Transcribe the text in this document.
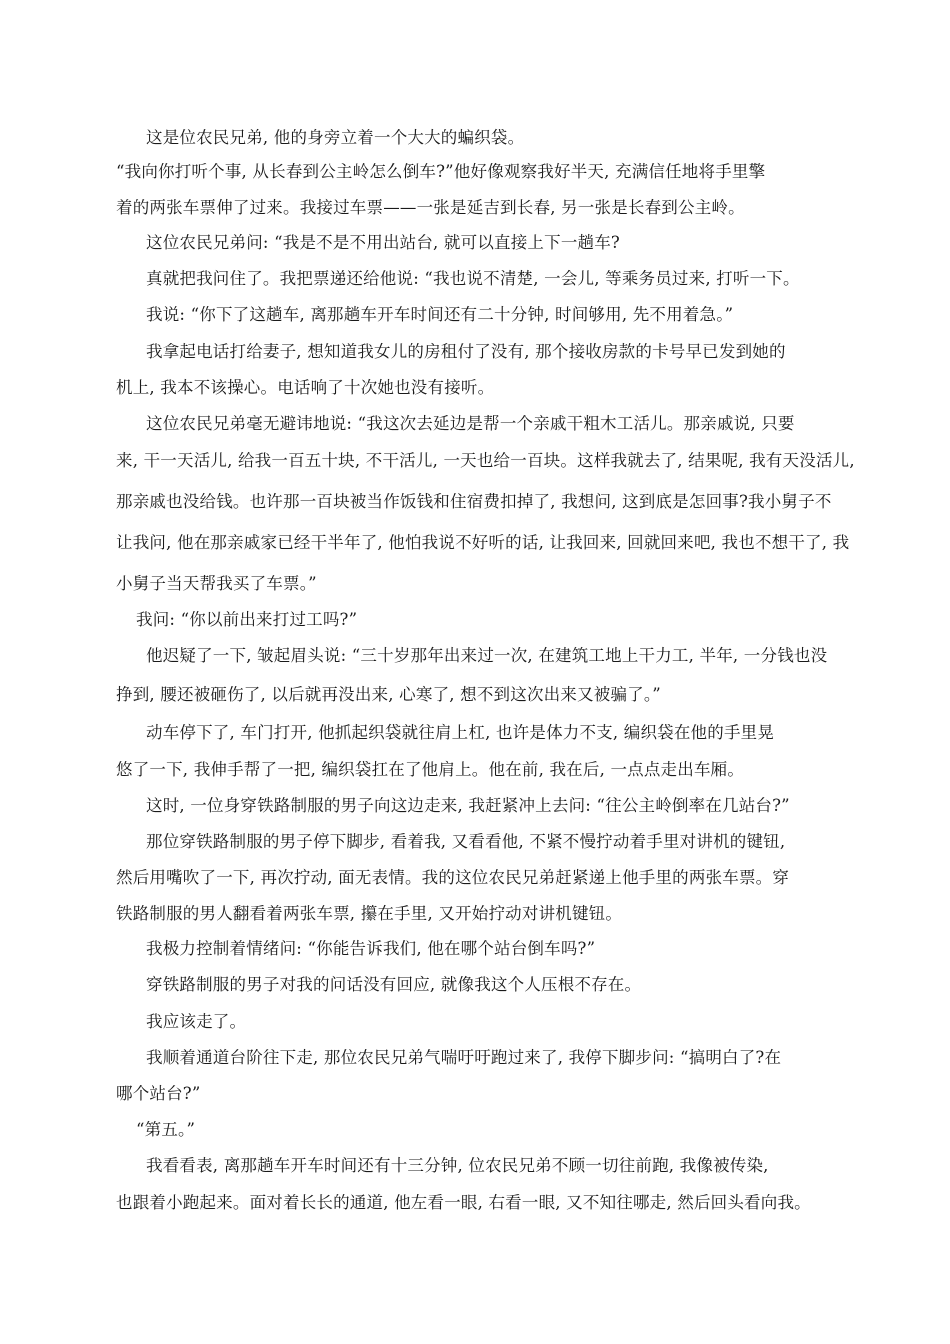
这是位农民兄弟, 他的身旁立着一个大大的蝙织袋。
“我向你打听个事, 从长春到公主岭怎么倒车?”他好像观察我好半天, 充满信任地将手里擎
着的两张车票伸了过来。我接过车票——一张是延吉到长春, 另一张是长春到公主岭。
这位农民兄弟问: “我是不是不用出站台, 就可以直接上下一趟车?
真就把我问住了。我把票递还给他说: “我也说不清楚, 一会儿, 等乘务员过来, 打听一下。
我说: “你下了这趟车, 离那趟车开车时间还有二十分钟, 时间够用, 先不用着急。”
我拿起电话打给妻子, 想知道我女儿的房租付了没有, 那个接收房款的卡号早已发到她的
机上, 我本不该操心。电话响了十次她也没有接听。
这位农民兄弟毫无避讳地说: “我这次去延边是帮一个亲戚干粗木工活儿。那亲戚说, 只要
来, 干一天活儿, 给我一百五十块, 不干活儿, 一天也给一百块。这样我就去了, 结果呢, 我有天没活儿,
那亲戚也没给钱。也许那一百块被当作饭钱和住宿费扣掉了, 我想问, 这到底是怎回事?我小舅子不
让我问, 他在那亲戚家已经干半年了, 他怕我说不好听的话, 让我回来, 回就回来吧, 我也不想干了, 我
小舅子当天帮我买了车票。”
我问: “你以前出来打过工吗?”
他迟疑了一下, 皱起眉头说: “三十岁那年出来过一次, 在建筑工地上干力工, 半年, 一分钱也没
挣到, 腰还被砸伤了, 以后就再没出来, 心寒了, 想不到这次出来又被骗了。”
动车停下了, 车门打开, 他抓起织袋就往肩上杠, 也许是体力不支, 编织袋在他的手里晃
悠了一下, 我伸手帮了一把, 编织袋扛在了他肩上。他在前, 我在后, 一点点走出车厢。
这时, 一位身穿铁路制服的男子向这边走来, 我赶紧冲上去问: “往公主岭倒率在几站台?”
那位穿铁路制服的男子停下脚步, 看着我, 又看看他, 不紧不慢拧动着手里对讲机的键钮,
然后用嘴吹了一下, 再次拧动, 面无表情。我的这位农民兄弟赶紧递上他手里的两张车票。穿
铁路制服的男人翻看着两张车票, 攥在手里, 又开始拧动对讲机键钮。
我极力控制着情绪问: “你能告诉我们, 他在哪个站台倒车吗?”
穿铁路制服的男子对我的问话没有回应, 就像我这个人压根不存在。
我应该走了。
我顺着通道台阶往下走, 那位农民兄弟气喘吁吁跑过来了, 我停下脚步问: “搞明白了?在
哪个站台?”
“第五。”
我看看表, 离那趟车开车时间还有十三分钟, 位农民兄弟不顾一切往前跑, 我像被传染,
也跟着小跑起来。面对着长长的通道, 他左看一眼, 右看一眼, 又不知往哪走, 然后回头看向我。
